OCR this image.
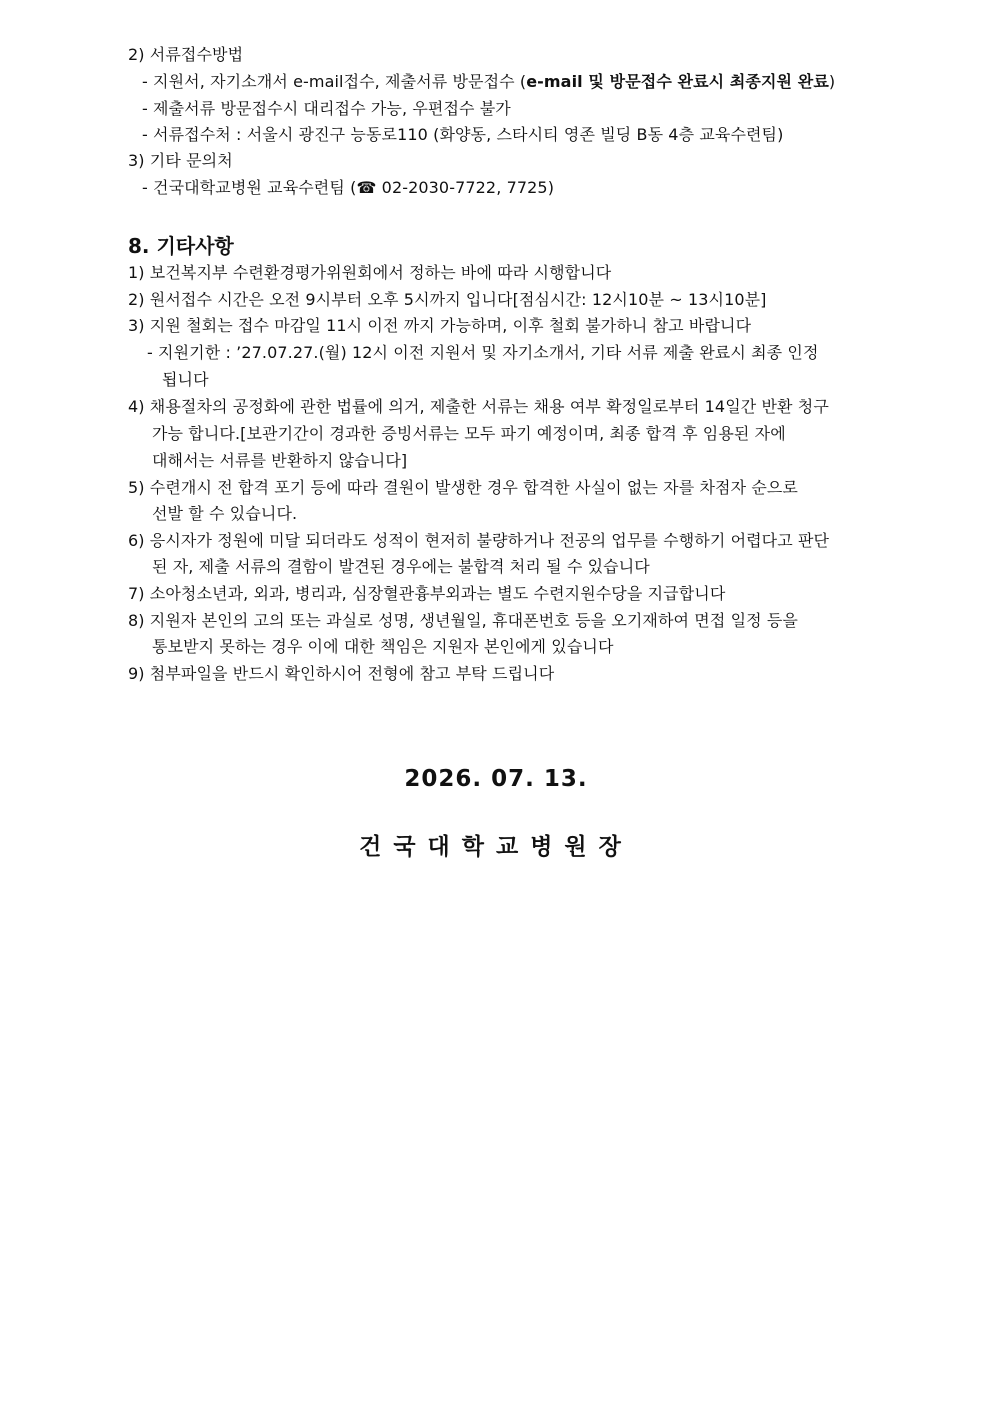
2) 서류접수방법
- 지원서, 자기소개서 e-mail접수, 제출서류 방문접수 (e-mail 및 방문접수 완료시 최종지원 완료)
- 제출서류 방문접수시 대리접수 가능, 우편접수 불가
- 서류접수처 : 서울시 광진구 능동로110 (화양동, 스타시티 영존 빌딩 B동 4층 교육수련팀)
3) 기타 문의처
- 건국대학교병원 교육수련팀 (☎ 02-2030-7722, 7725)
8. 기타사항
1) 보건복지부 수련환경평가위원회에서 정하는 바에 따라 시행합니다
2) 원서접수 시간은 오전 9시부터 오후 5시까지 입니다[점심시간: 12시10분 ~ 13시10분]
3) 지원 철회는 접수 마감일 11시 이전 까지 가능하며, 이후 철회 불가하니 참고 바랍니다
- 지원기한 : ’27.07.27.(월) 12시 이전 지원서 및 자기소개서, 기타 서류 제출 완료시 최종 인정
됩니다
4) 채용절차의 공정화에 관한 법률에 의거, 제출한 서류는 채용 여부 확정일로부터 14일간 반환 청구
가능 합니다.[보관기간이 경과한 증빙서류는 모두 파기 예정이며, 최종 합격 후 임용된 자에
대해서는 서류를 반환하지 않습니다]
5) 수련개시 전 합격 포기 등에 따라 결원이 발생한 경우 합격한 사실이 없는 자를 차점자 순으로
선발 할 수 있습니다.
6) 응시자가 정원에 미달 되더라도 성적이 현저히 불량하거나 전공의 업무를 수행하기 어렵다고 판단
된 자, 제출 서류의 결함이 발견된 경우에는 불합격 처리 될 수 있습니다
7) 소아청소년과, 외과, 병리과, 심장혈관흉부외과는 별도 수련지원수당을 지급합니다
8) 지원자 본인의 고의 또는 과실로 성명, 생년월일, 휴대폰번호 등을 오기재하여 면접 일정 등을
통보받지 못하는 경우 이에 대한 책임은 지원자 본인에게 있습니다
9) 첨부파일을 반드시 확인하시어 전형에 참고 부탁 드립니다
2026. 07. 13.
건국대학교병원장
